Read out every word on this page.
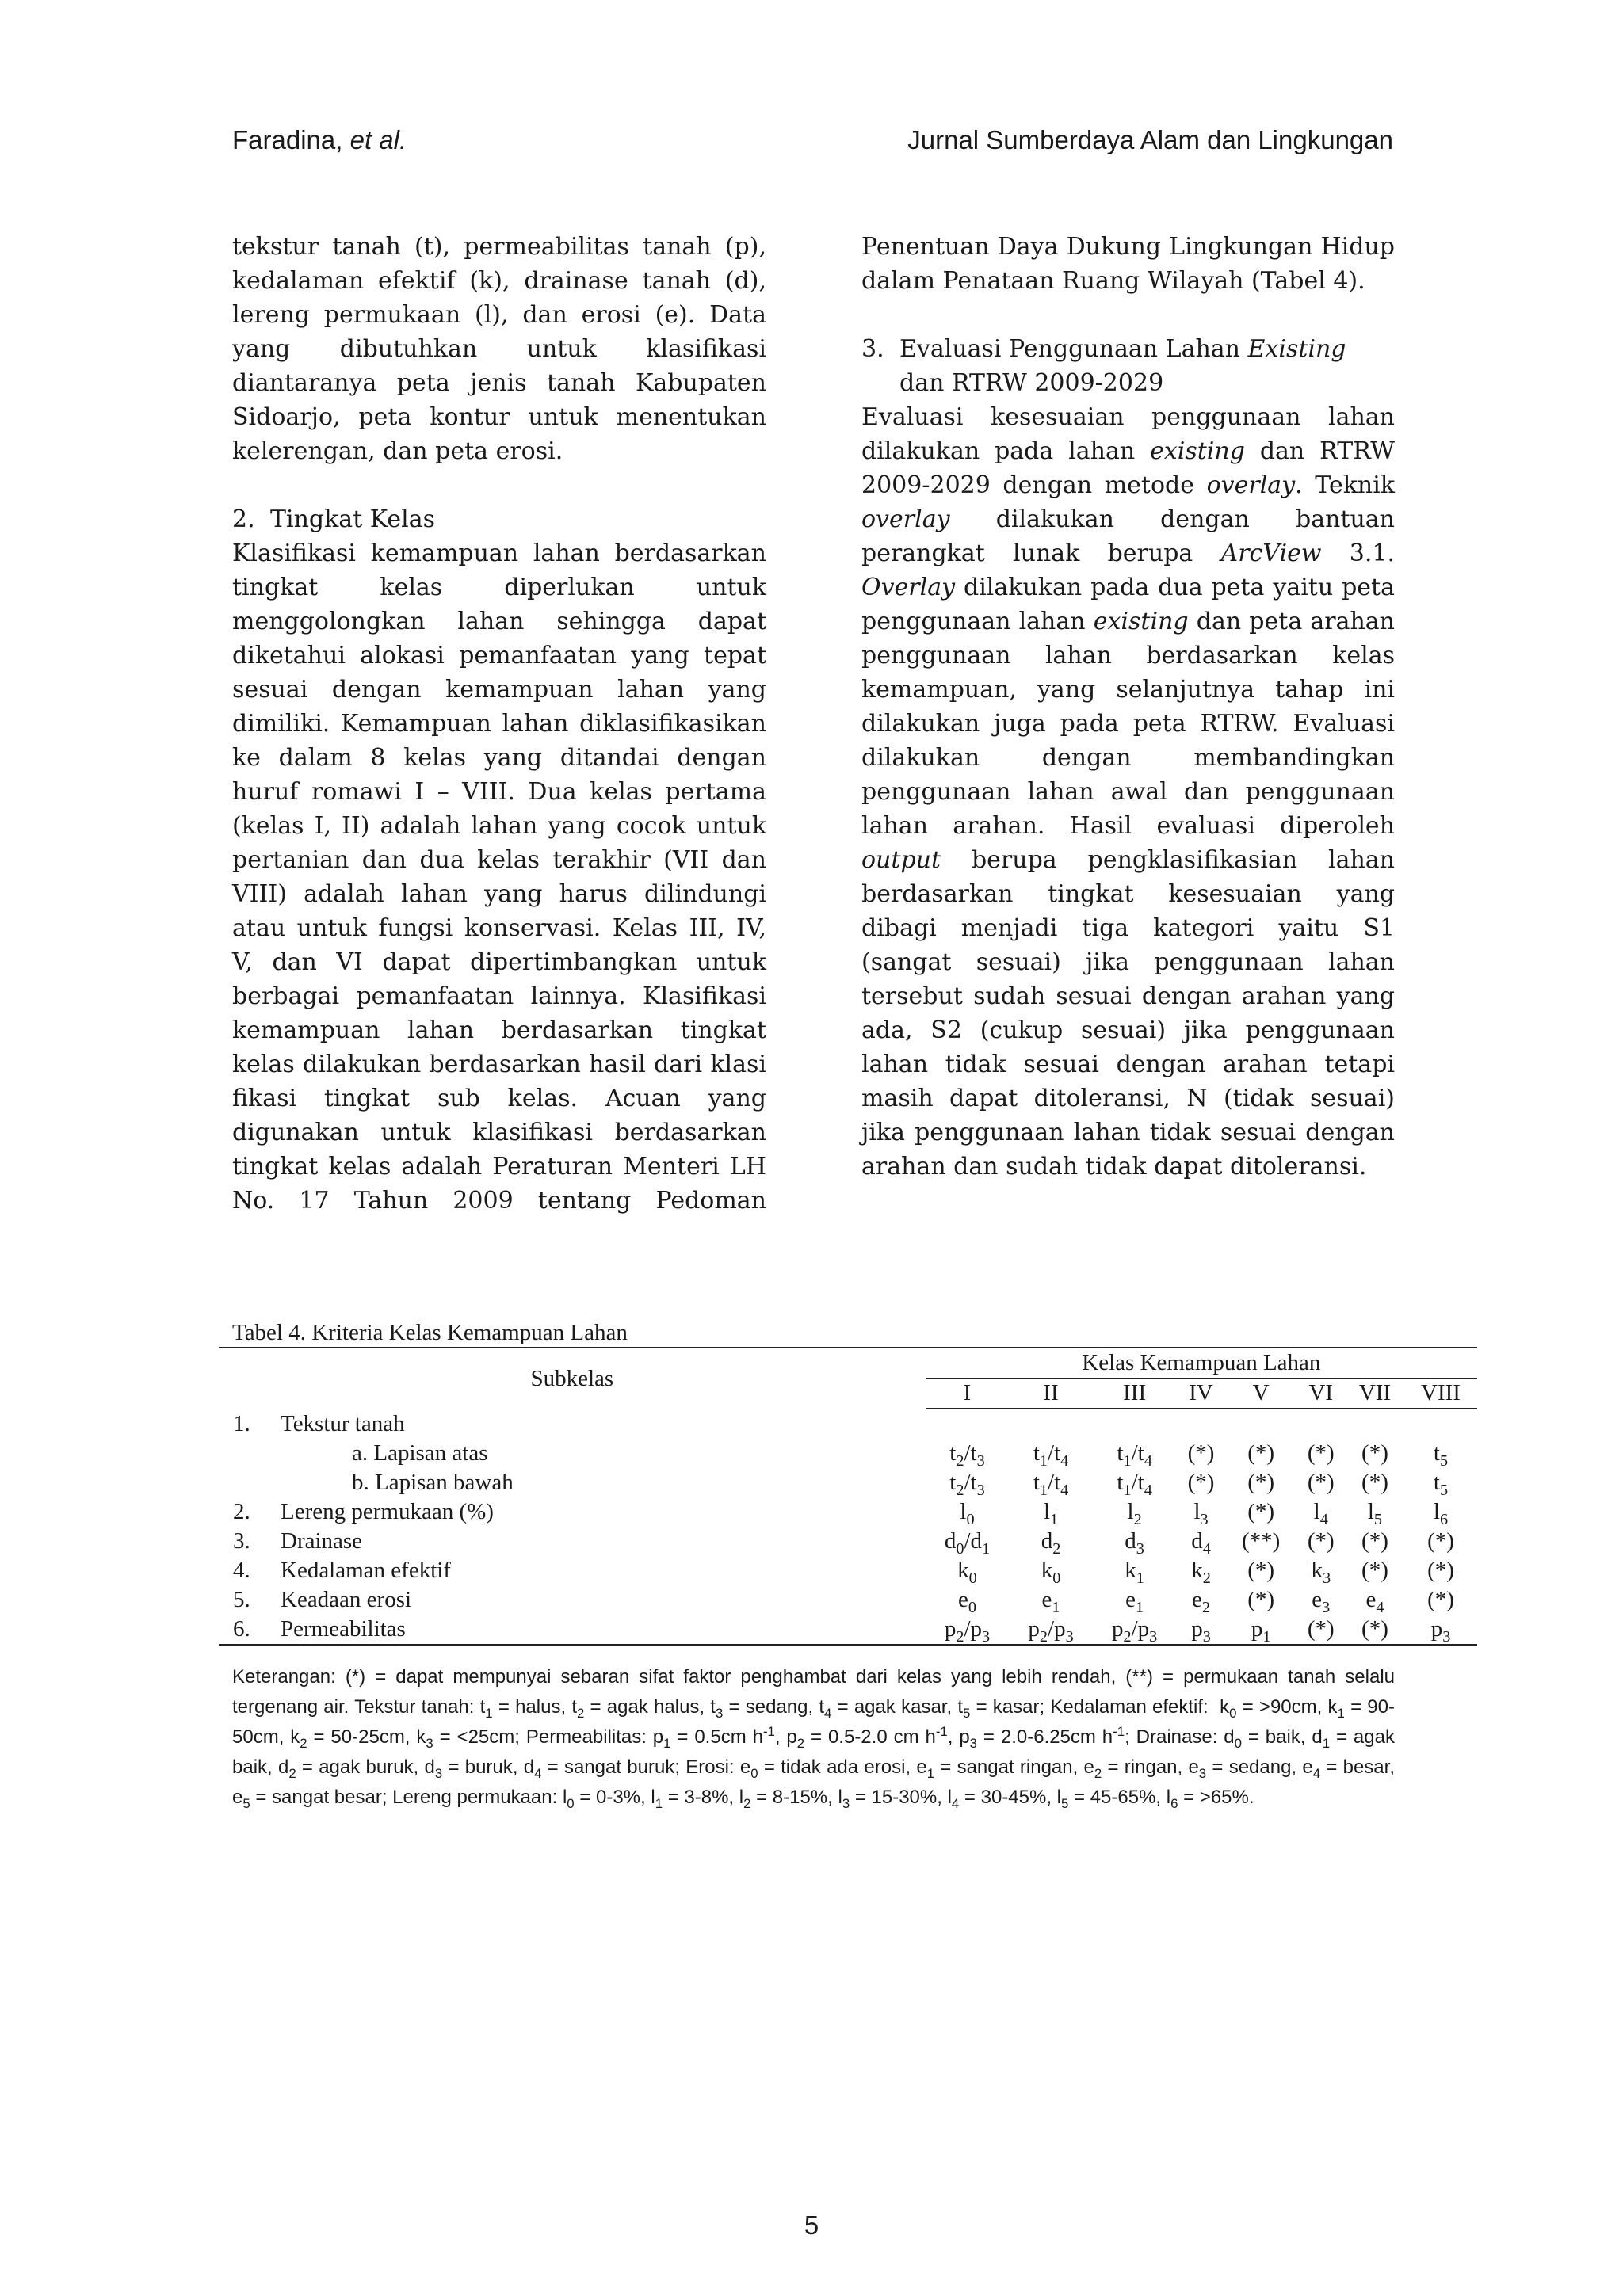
Faradina, et al.	Jurnal Sumberdaya Alam dan Lingkungan

tekstur tanah (t), permeabilitas tanah (p), kedalaman efektif (k), drainase tanah (d), lereng permukaan (l), dan erosi (e). Data yang dibutuhkan untuk klasifikasi diantaranya peta jenis tanah Kabupaten Sidoarjo, peta kontur untuk menentukan kelerengan, dan peta erosi.

2. Tingkat Kelas

Klasifikasi kemampuan lahan berdasarkan tingkat kelas diperlukan untuk menggolongkan lahan sehingga dapat diketahui alokasi pemanfaatan yang tepat sesuai dengan kemampuan lahan yang dimiliki. Kemampuan lahan diklasifikasikan ke dalam 8 kelas yang ditandai dengan huruf romawi I – VIII. Dua kelas pertama (kelas I, II) adalah lahan yang cocok untuk pertanian dan dua kelas terakhir (VII dan VIII) adalah lahan yang harus dilindungi atau untuk fungsi konservasi. Kelas III, IV, V, dan VI dapat dipertimbangkan untuk berbagai pemanfaatan lainnya. Klasifikasi kemampuan lahan berdasarkan tingkat kelas dilakukan berdasarkan hasil dari klasi fikasi tingkat sub kelas. Acuan yang digunakan untuk klasifikasi berdasarkan tingkat kelas adalah Peraturan Menteri LH No. 17 Tahun 2009 tentang Pedoman

Penentuan Daya Dukung Lingkungan Hidup dalam Penataan Ruang Wilayah (Tabel 4).

3. Evaluasi Penggunaan Lahan Existing
dan RTRW 2009-2029

Evaluasi kesesuaian penggunaan lahan dilakukan pada lahan existing dan RTRW 2009-2029 dengan metode overlay. Teknik overlay dilakukan dengan bantuan perangkat lunak berupa ArcView 3.1. Overlay dilakukan pada dua peta yaitu peta penggunaan lahan existing dan peta arahan penggunaan lahan berdasarkan kelas kemampuan, yang selanjutnya tahap ini dilakukan juga pada peta RTRW. Evaluasi dilakukan dengan membandingkan penggunaan lahan awal dan penggunaan lahan arahan. Hasil evaluasi diperoleh output berupa pengklasifikasian lahan berdasarkan tingkat kesesuaian yang dibagi menjadi tiga kategori yaitu S1 (sangat sesuai) jika penggunaan lahan tersebut sudah sesuai dengan arahan yang ada, S2 (cukup sesuai) jika penggunaan lahan tidak sesuai dengan arahan tetapi masih dapat ditoleransi, N (tidak sesuai) jika penggunaan lahan tidak sesuai dengan arahan dan sudah tidak dapat ditoleransi.

Tabel 4. Kriteria Kelas Kemampuan Lahan
Subkelas		Kelas Kemampuan Lahan							
		I	II	III	IV	V	VI	VII	VIII
1.	Tekstur tanah								
	a. Lapisan atas	$t_2/t_3$	$t_1/t_4$	$t_1/t_4$	(*)	(*)	(*)	(*)	$t_5$
	b. Lapisan bawah	$t_2/t_3$	$t_1/t_4$	$t_1/t_4$	(*)	(*)	(*)	(*)	$t_5$
2.	Lereng permukaan (%)	$l_0$	$l_1$	$l_2$	$l_3$	(*)	$l_4$	$l_5$	$l_6$
3.	Drainase	$d_0/d_1$	$d_2$	$d_3$	$d_4$	(**)	(*)	(*)	(*)
4.	Kedalaman efektif	$k_0$	$k_0$	$k_1$	$k_2$	(*)	$k_3$	(*)	(*)
5.	Keadaan erosi	$e_0$	$e_1$	$e_1$	$e_2$	(*)	$e_3$	$e_4$	(*)
6.	Permeabilitas	$p_2/p_3$	$p_2/p_3$	$p_2/p_3$	$p_3$	$p_1$	(*)	(*)	$p_3$
Keterangan: (*) = dapat mempunyai sebaran sifat faktor penghambat dari kelas yang lebih rendah, (**) = permukaan tanah selalu tergenang air. Tekstur tanah: $t_1$ = halus, $t_2$ = agak halus, $t_3$ = sedang, $t_4$ = agak kasar, $t_5$ = kasar; Kedalaman efektif:  $k_0 = >90cm$, $k_1 = 90-50cm$, $k_2 = 50-25cm$, $k_3 = <25cm$; Permeabilitas: $p_1 = 0.5cm$ $h^{-1}$, $p_2 = 0.5-2.0$ cm $h^{-1}$, $p_3 = 2.0-6.25cm$ $h^{-1}$; Drainase: $d_0$ = baik, $d_1$ = agak baik, $d_2$ = agak buruk, $d_3$ = buruk, $d_4$ = sangat buruk; Erosi: $e_0$ = tidak ada erosi, $e_1$ = sangat ringan, $e_2$ = ringan, $e_3$ = sedang, $e_4$ = besar, $e_5$ = sangat besar; Lereng permukaan: $l_0 = 0-3\%$, $l_1 = 3-8\%$, $l_2 = 8-15\%$, $l_3 = 15-30\%$, $l_4 = 30-45\%$, $l_5 = 45-65\%$, $l_6 = >65\%$.
5
